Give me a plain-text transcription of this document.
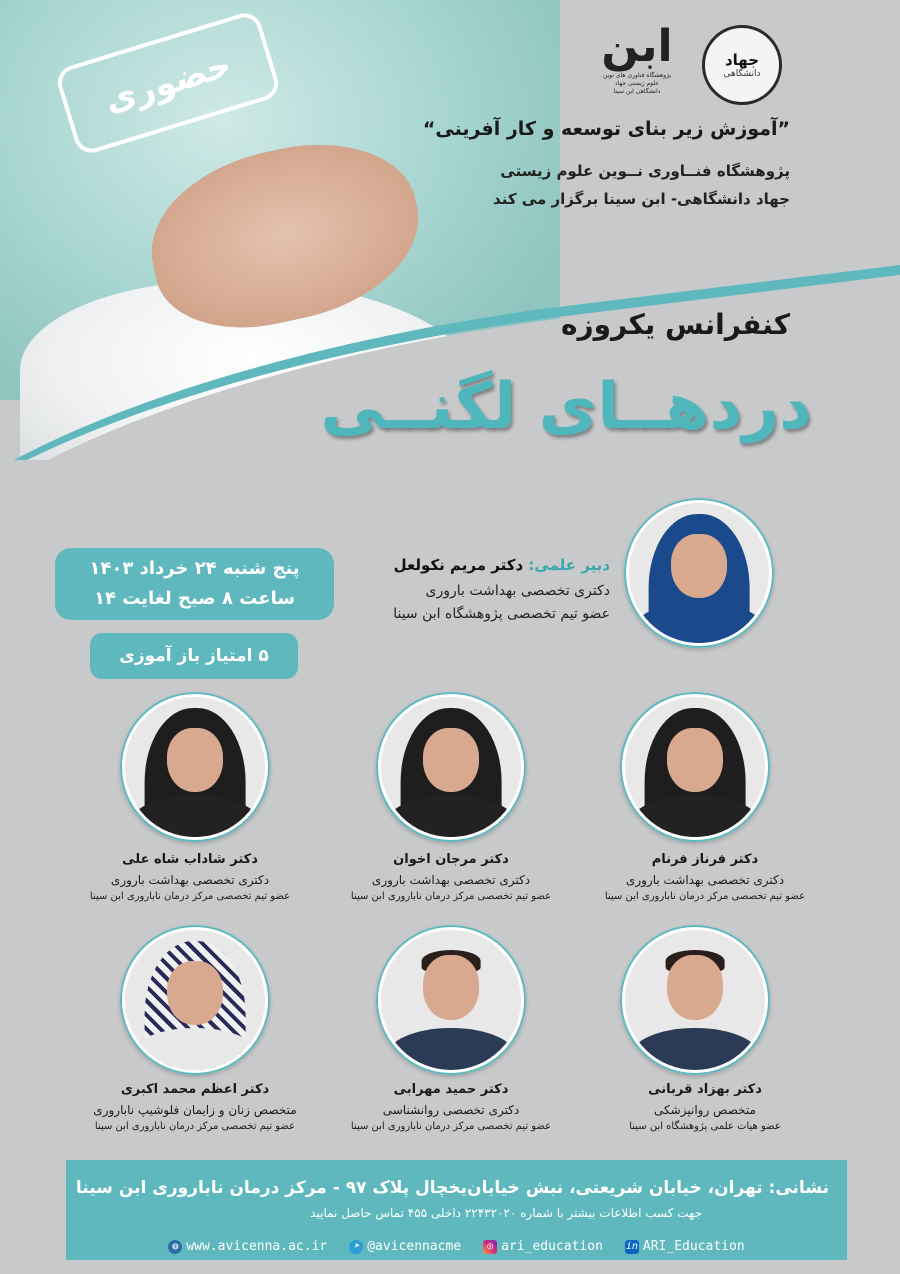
حضوری	ابن
پژوهشگاه فناوری های نوین علوم زیستی جهاد دانشگاهی ابن سینا
جهاد
دانشگاهی
”آموزش زیر بنای توسعه و کار آفرینی“
پژوهشگاه فنــاوری نــوین علوم زیستی
جهاد دانشگاهی- ابن سینا برگزار می کند
کنفرانس یکروزه
دردهــای لگنــی
پنج شنبه ۲۴ خرداد ۱۴۰۳
ساعت ۸ صبح لغایت ۱۴
۵ امتیاز باز آموزی
دبیر علمی: دکتر مریم نکولعل
دکتری تخصصی بهداشت باروری
عضو تیم تخصصی پژوهشگاه ابن سینا
دکتر فرناز فرنام
دکتری تخصصی بهداشت باروری
عضو تیم تخصصی مرکز درمان ناباروری ابن سینا
دکتر مرجان اخوان
دکتری تخصصی بهداشت باروری
عضو تیم تخصصی مرکز درمان ناباروری ابن سینا
دکتر شاداب شاه علی
دکتری تخصصی بهداشت باروری
عضو تیم تخصصی مرکز درمان ناباروری ابن سینا
دکتر بهزاد قربانی
متخصص روانپزشکی
عضو هیات علمی پژوهشگاه ابن سینا
دکتر حمید مهرابی
دکتری تخصصی روانشناسی
عضو تیم تخصصی مرکز درمان ناباروری ابن سینا
دکتر اعظم محمد اکبری
متخصص زنان و زایمان فلوشیپ ناباروری
عضو تیم تخصصی مرکز درمان ناباروری ابن سینا
نشانی: تهران، خیابان شریعتی، نبش خیابان‌یخچال پلاک ۹۷ - مرکز درمان ناباروری ابن سینا
جهت کسب اطلاعات بیشتر با شماره ۲۲۴۳۲۰۲۰ داخلی ۴۵۵ تماس حاصل نمایید
◍ www.avicenna.ac.ir	➤ @avicennacme	◎ ari_education in ARI_Education
